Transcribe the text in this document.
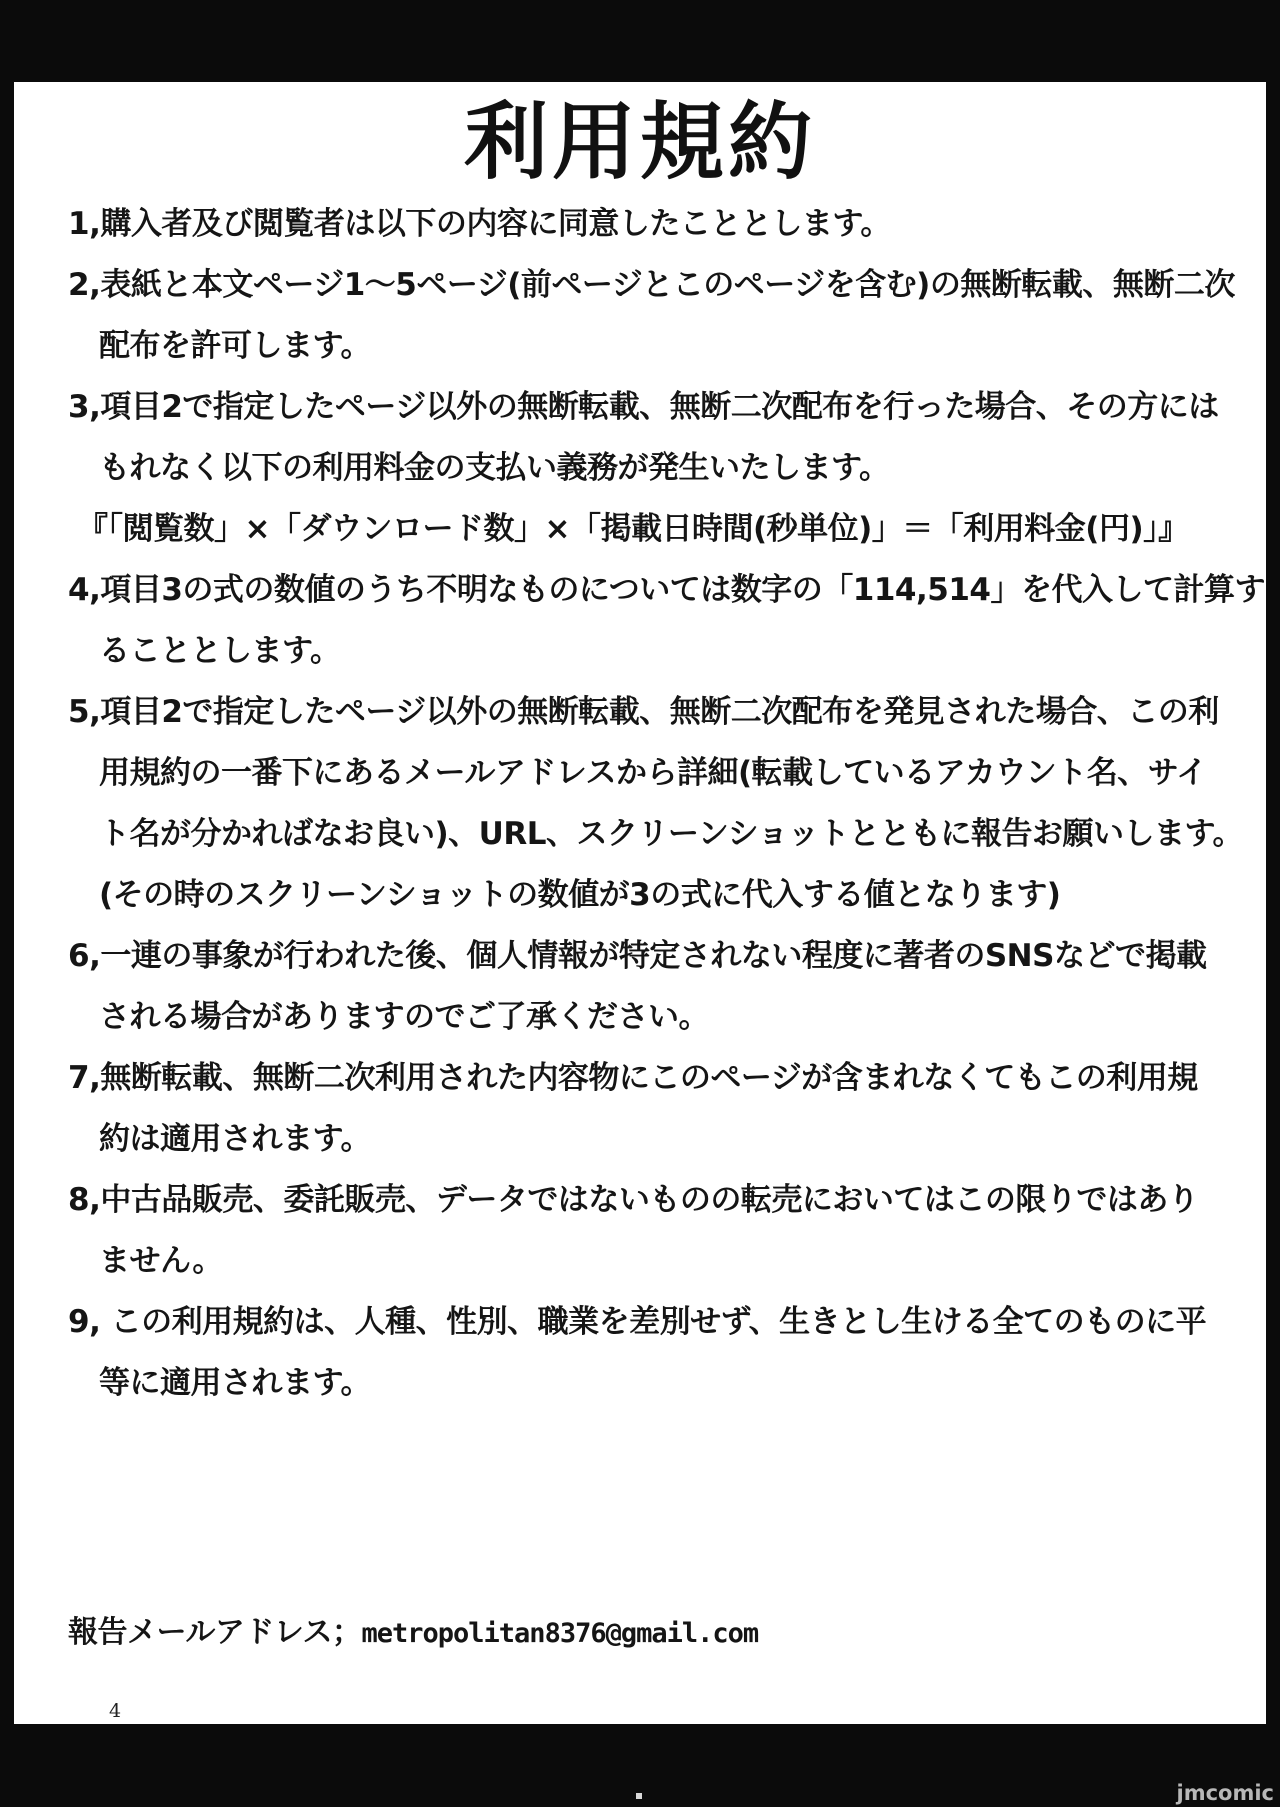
利用規約
1,購入者及び閲覧者は以下の内容に同意したこととします。
2,表紙と本文ページ1～5ページ(前ページとこのページを含む)の無断転載、無断二次
配布を許可します。
3,項目2で指定したページ以外の無断転載、無断二次配布を行った場合、その方には
もれなく以下の利用料金の支払い義務が発生いたします。
『「閲覧数」×「ダウンロード数」×「掲載日時間(秒単位)」＝「利用料金(円)」』
4,項目3の式の数値のうち不明なものについては数字の「114,514」を代入して計算す
ることとします。
5,項目2で指定したページ以外の無断転載、無断二次配布を発見された場合、この利
用規約の一番下にあるメールアドレスから詳細(転載しているアカウント名、サイ
ト名が分かればなお良い)、URL、スクリーンショットとともに報告お願いします。
(その時のスクリーンショットの数値が3の式に代入する値となります)
6,一連の事象が行われた後、個人情報が特定されない程度に著者のSNSなどで掲載
される場合がありますのでご了承ください。
7,無断転載、無断二次利用された内容物にこのページが含まれなくてもこの利用規
約は適用されます。
8,中古品販売、委託販売、データではないものの転売においてはこの限りではあり
ません。
9, この利用規約は、人種、性別、職業を差別せず、生きとし生ける全てのものに平
等に適用されます。
報告メールアドレス；metropolitan8376@gmail.com
4
jmcomic
